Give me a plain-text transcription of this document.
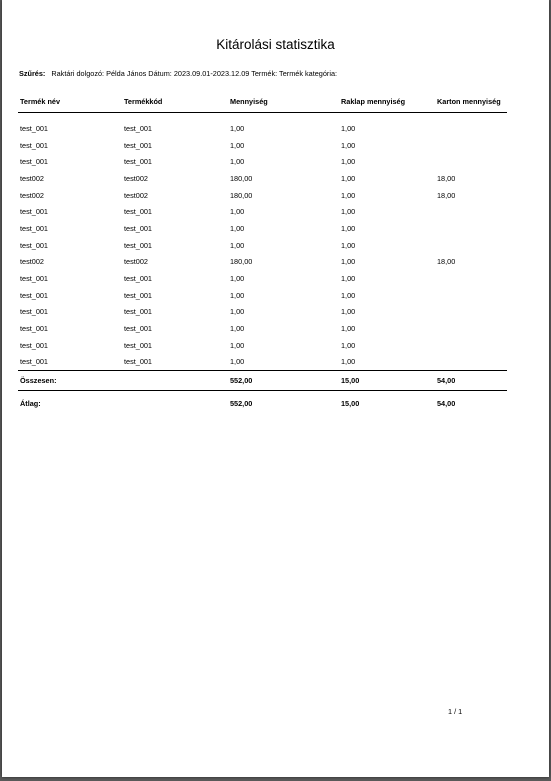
Kitárolási statisztika
Szűrés: Raktári dolgozó: Példa János Dátum: 2023.09.01-2023.12.09 Termék: Termék kategória:
Termék név	Termékkód	Mennyiség	Raklap mennyiség	Karton mennyiség

test_001	test_001	1,00	1,00	
test_001	test_001	1,00	1,00	
test_001	test_001	1,00	1,00	
test002	test002	180,00	1,00	18,00
test002	test002	180,00	1,00	18,00
test_001	test_001	1,00	1,00	
test_001	test_001	1,00	1,00	
test_001	test_001	1,00	1,00	
test002	test002	180,00	1,00	18,00
test_001	test_001	1,00	1,00	
test_001	test_001	1,00	1,00	
test_001	test_001	1,00	1,00	
test_001	test_001	1,00	1,00	
test_001	test_001	1,00	1,00	
test_001	test_001	1,00	1,00	
Összesen:		552,00	15,00	54,00

Átlag:		552,00	15,00	54,00
1 / 1
